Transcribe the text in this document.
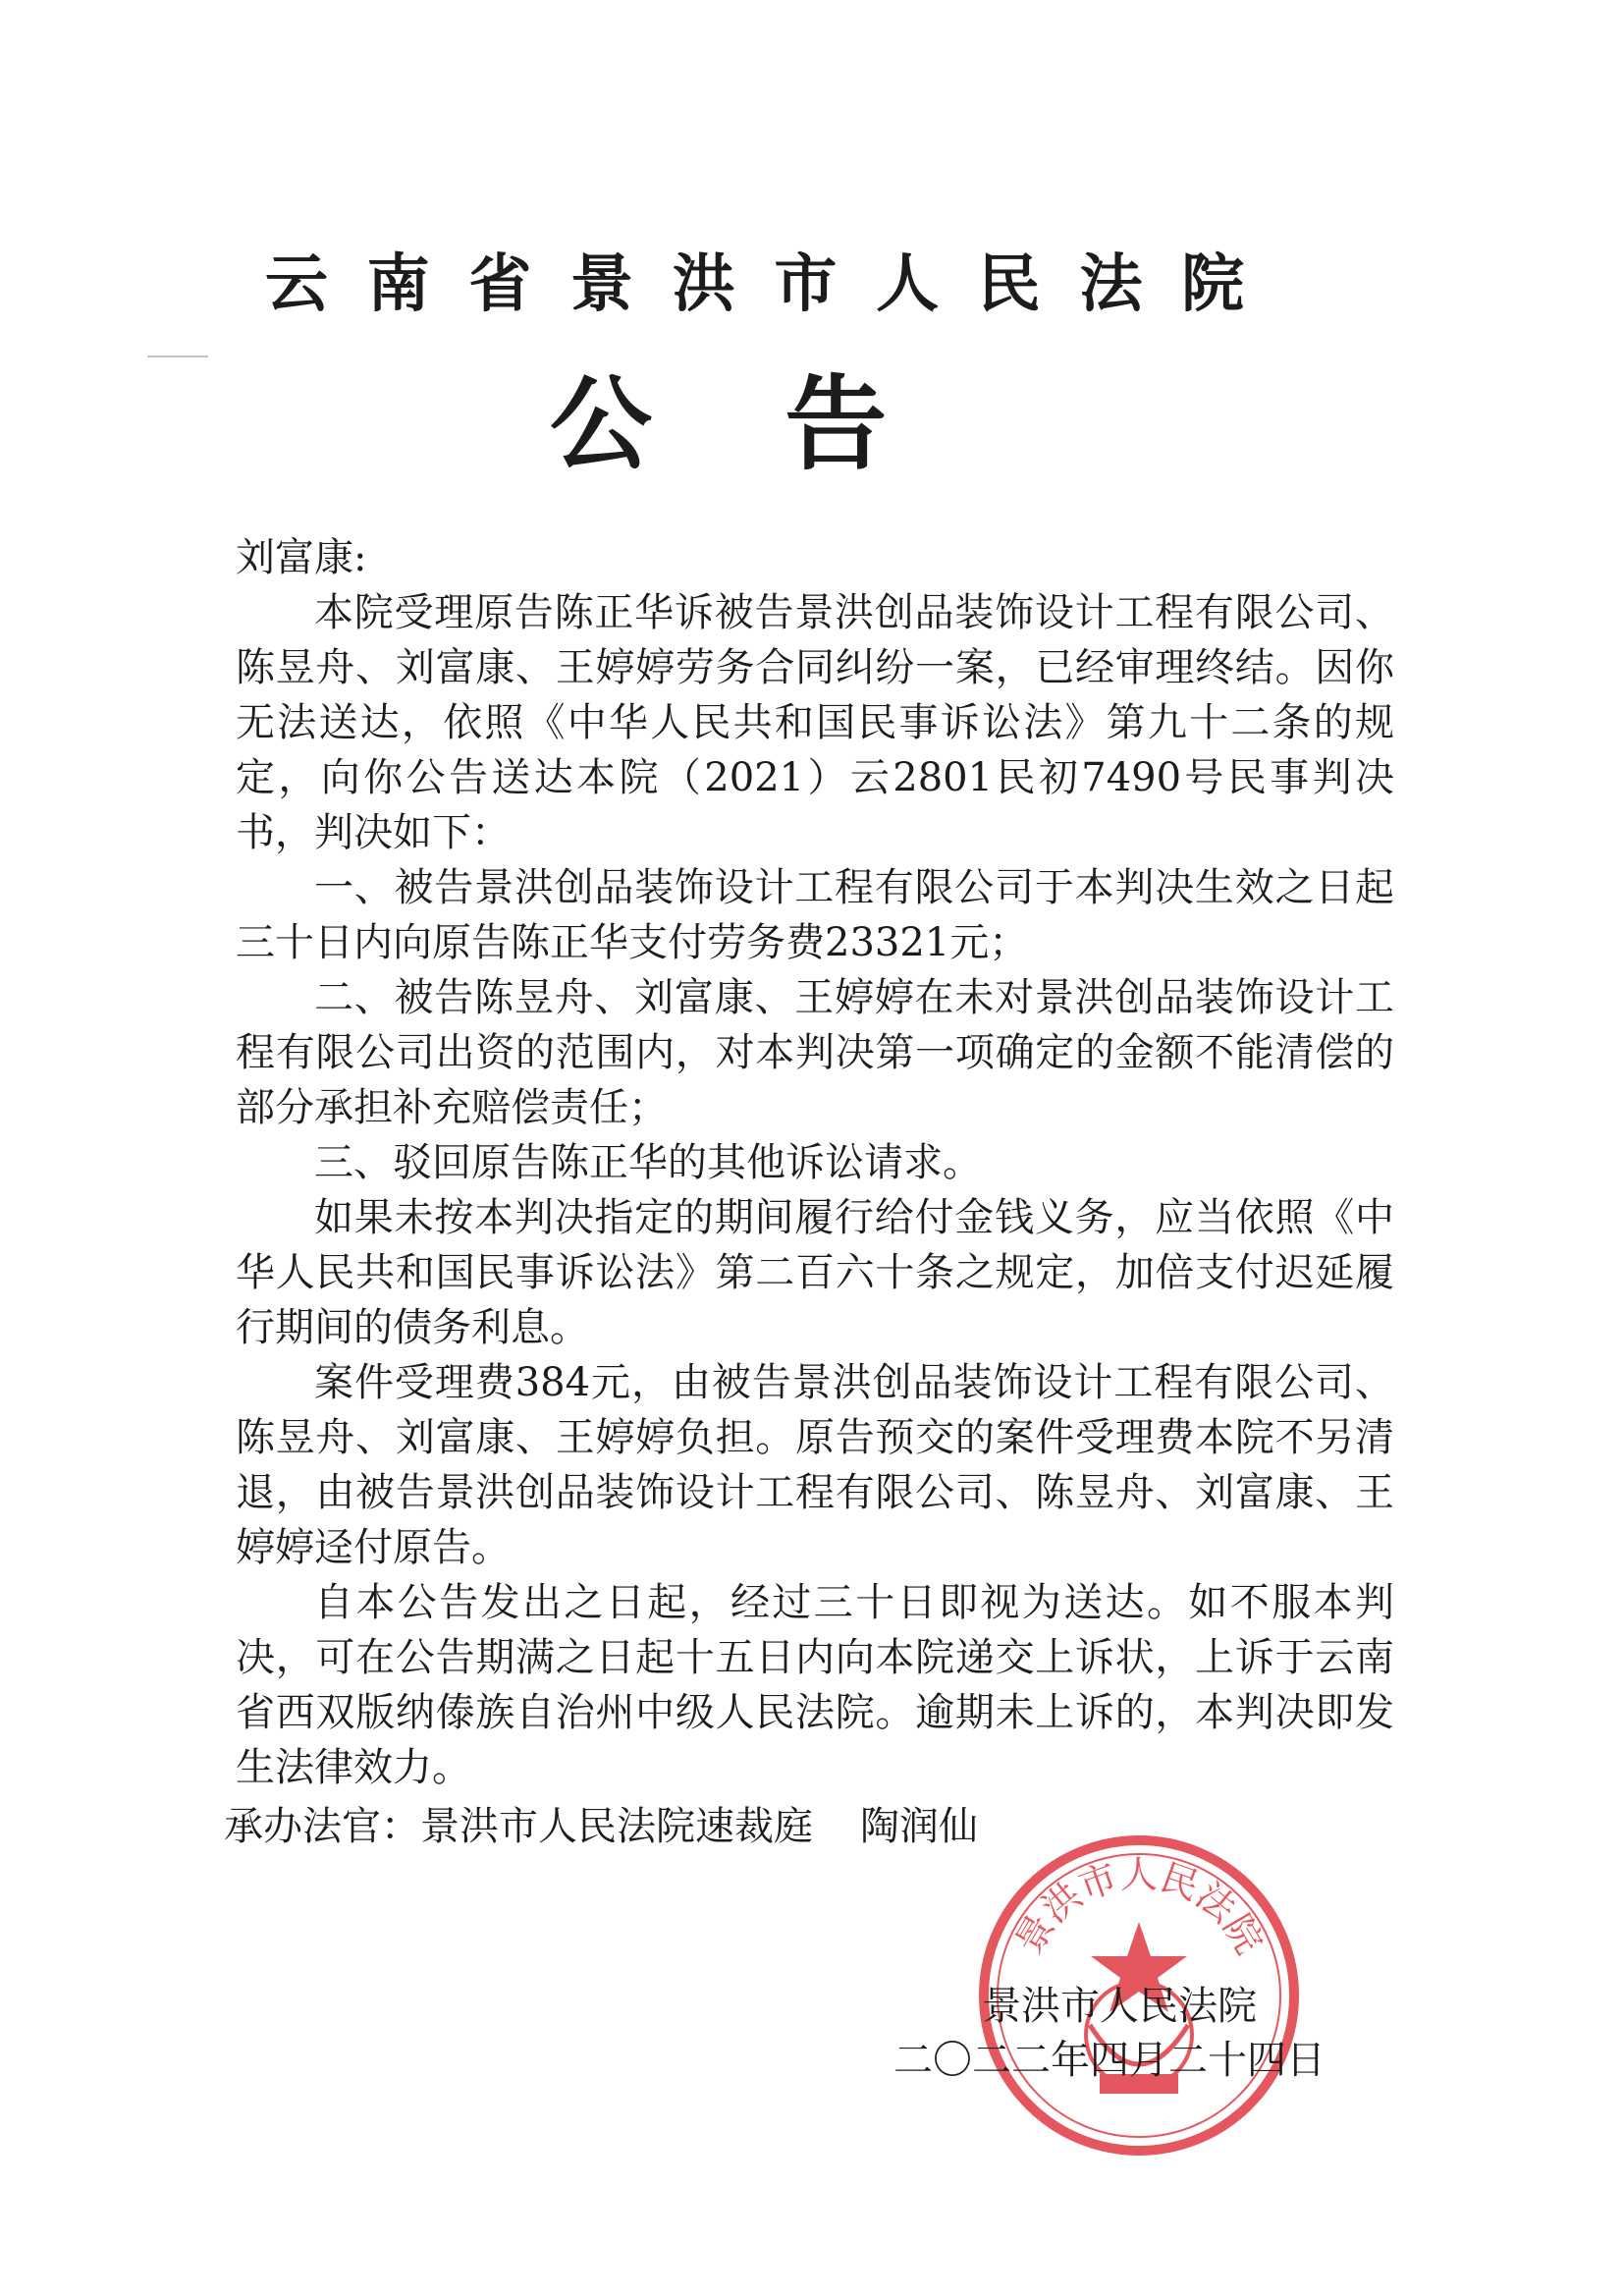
云南省景洪市人民法院
公告

刘富康:

本院受理原告陈正华诉被告景洪创品装饰设计工程有限公司、陈昱舟、刘富康、王婷婷劳务合同纠纷一案，已经审理终结。因你无法送达，依照《中华人民共和国民事诉讼法》第九十二条的规定，向你公告送达本院（2021）云2801民初7490号民事判决书，判决如下：

一、被告景洪创品装饰设计工程有限公司于本判决生效之日起三十日内向原告陈正华支付劳务费23321元；

二、被告陈昱舟、刘富康、王婷婷在未对景洪创品装饰设计工程有限公司出资的范围内，对本判决第一项确定的金额不能清偿的部分承担补充赔偿责任；

三、驳回原告陈正华的其他诉讼请求。

如果未按本判决指定的期间履行给付金钱义务，应当依照《中华人民共和国民事诉讼法》第二百六十条之规定，加倍支付迟延履行期间的债务利息。

案件受理费384元，由被告景洪创品装饰设计工程有限公司、陈昱舟、刘富康、王婷婷负担。原告预交的案件受理费本院不另清退，由被告景洪创品装饰设计工程有限公司、陈昱舟、刘富康、王婷婷迳付原告。

自本公告发出之日起，经过三十日即视为送达。如不服本判决，可在公告期满之日起十五日内向本院递交上诉状，上诉于云南省西双版纳傣族自治州中级人民法院。逾期未上诉的，本判决即发生法律效力。

承办法官：景洪市人民法院速裁庭 陶润仙
景洪市人民法院
景洪市人民法院
二〇二二年四月二十四日
